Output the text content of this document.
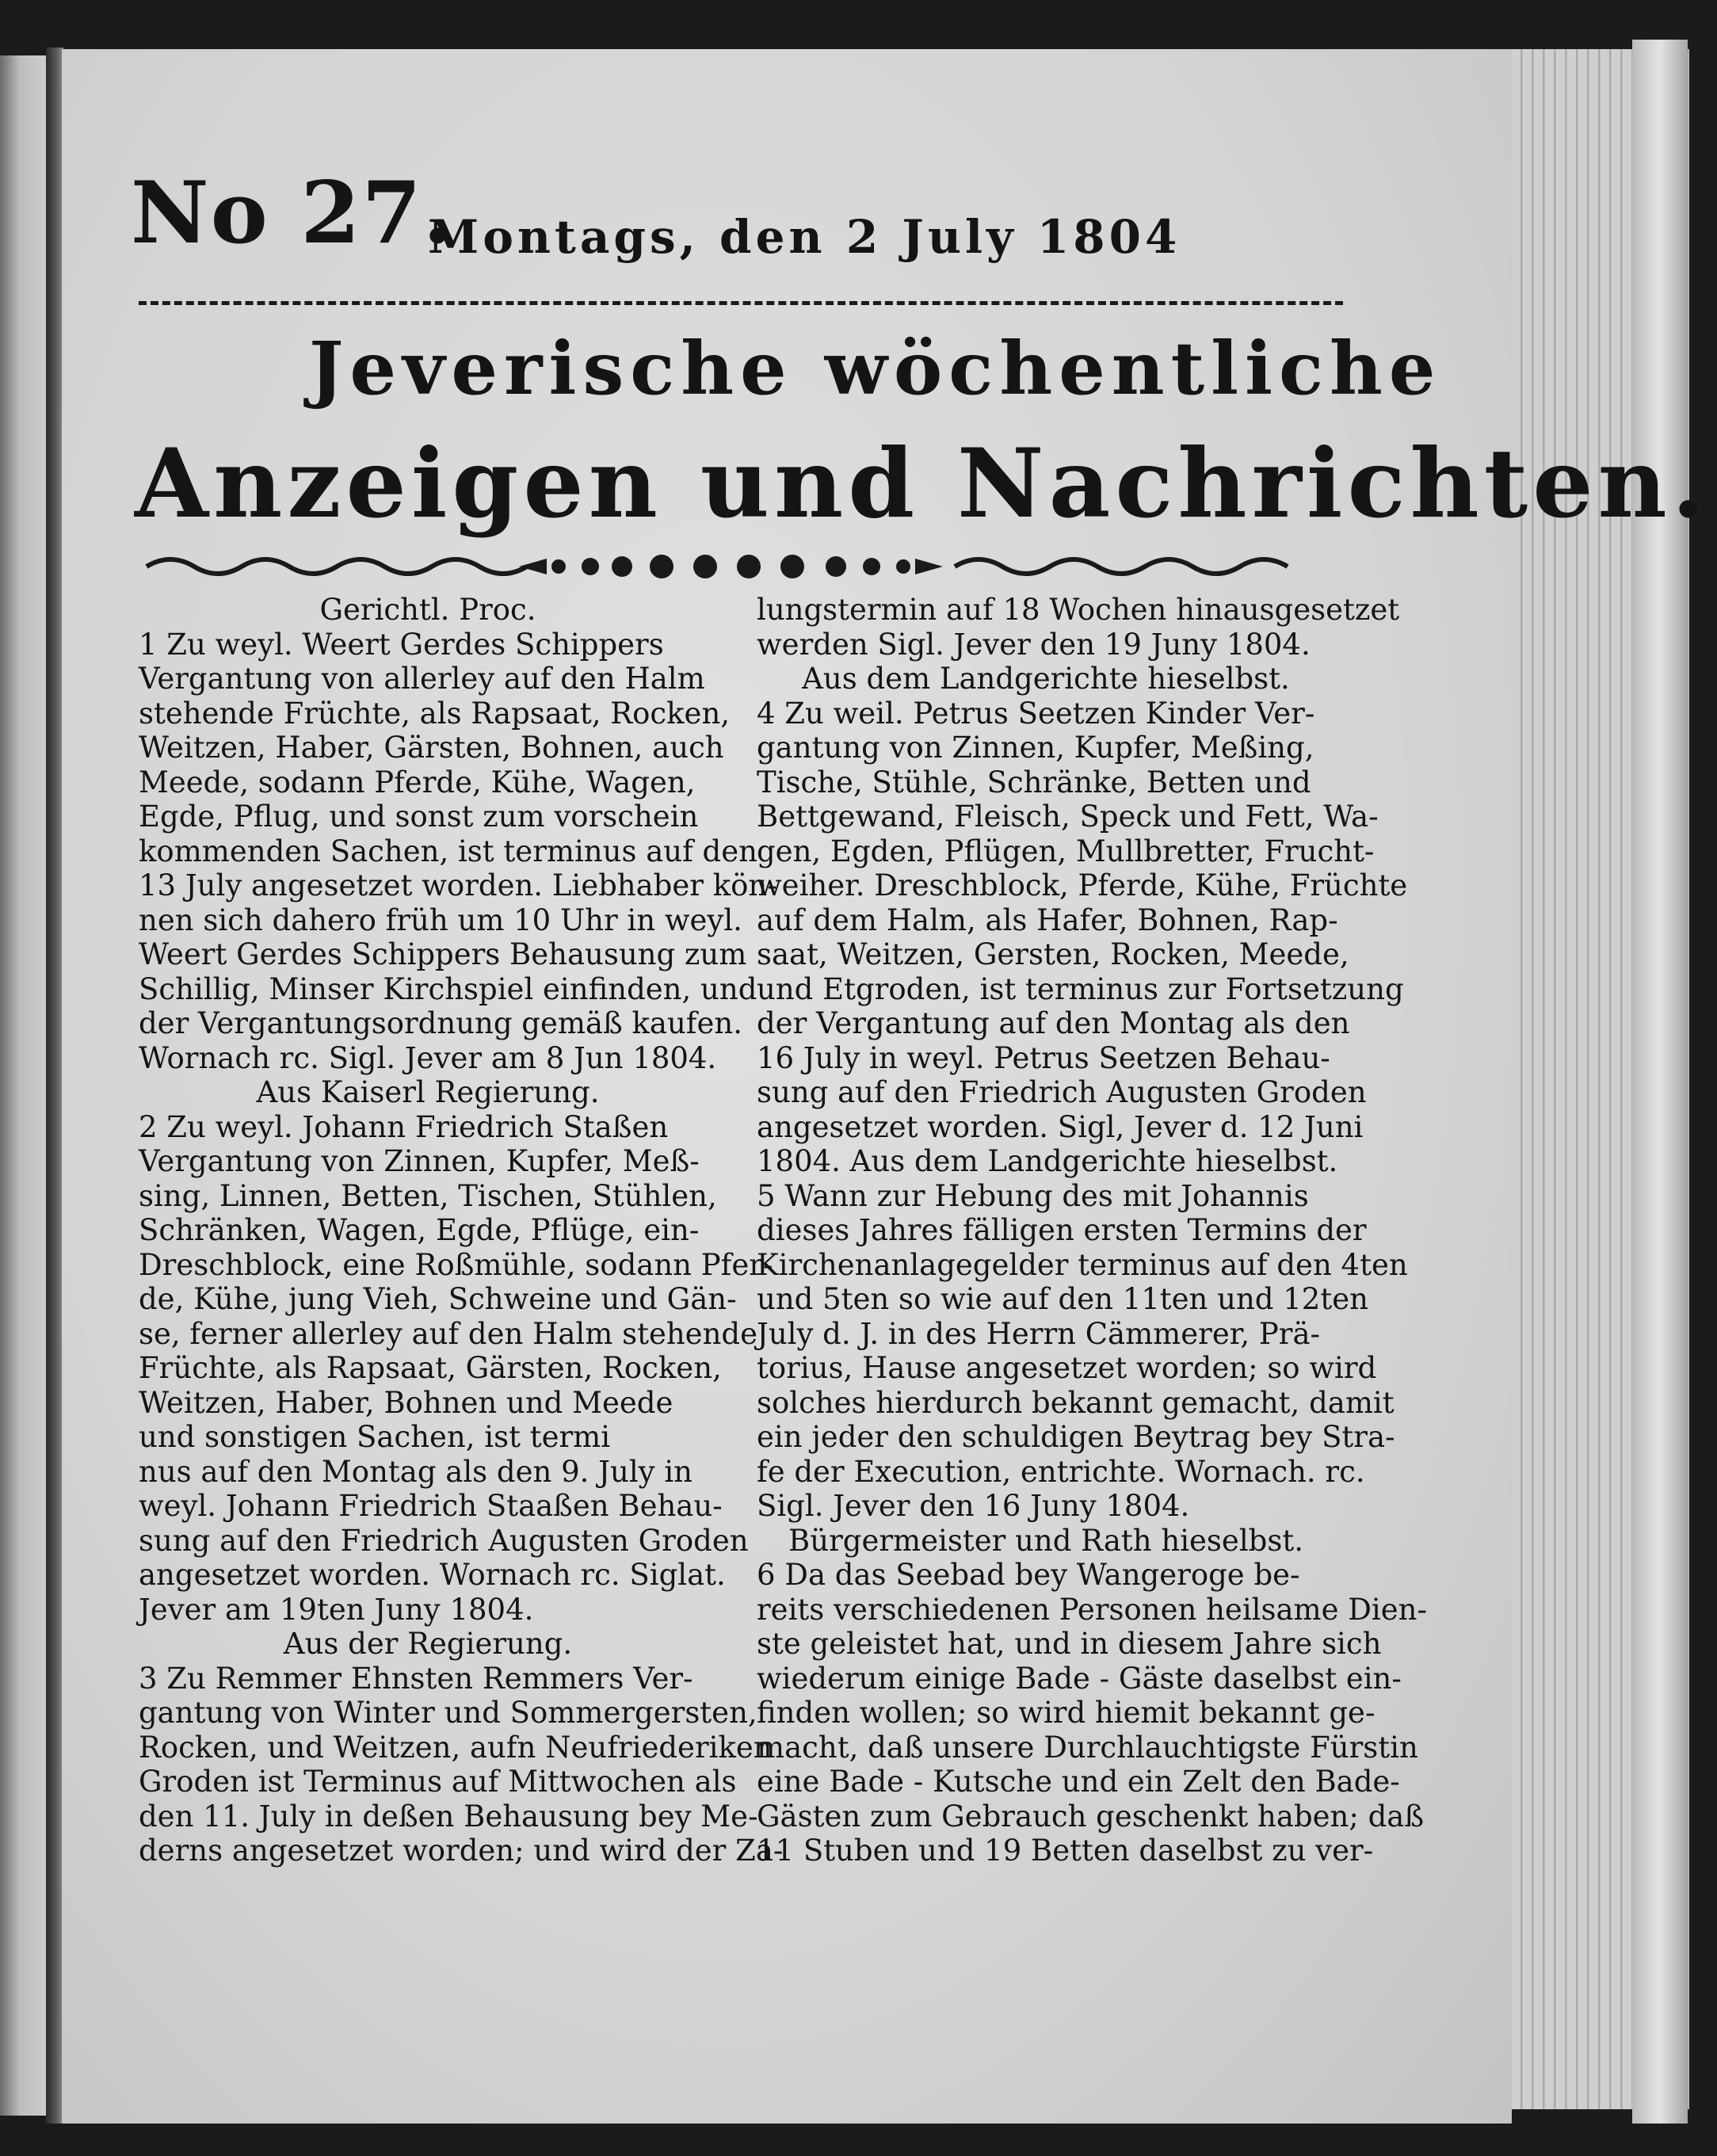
No 27.
Montags, den 2 July 1804
Jeverische wöchentliche
Anzeigen und Nachrichten.

Gerichtl. Proc.

1 Zu weyl. Weert Gerdes Schippers

Vergantung von allerley auf den Halm

stehende Früchte, als Rapsaat, Rocken,

Weitzen, Haber, Gärsten, Bohnen, auch

Meede, sodann Pferde, Kühe, Wagen,

Egde, Pflug, und sonst zum vorschein

kommenden Sachen, ist terminus auf den

13 July angesetzet worden. Liebhaber kön-

nen sich dahero früh um 10 Uhr in weyl.

Weert Gerdes Schippers Behausung zum

Schillig, Minser Kirchspiel einfinden, und

der Vergantungsordnung gemäß kaufen.

Wornach rc. Sigl. Jever am 8 Jun 1804.

Aus Kaiserl Regierung.

2 Zu weyl. Johann Friedrich Staßen

Vergantung von Zinnen, Kupfer, Meß-

sing, Linnen, Betten, Tischen, Stühlen,

Schränken, Wagen, Egde, Pflüge, ein-

Dreschblock, eine Roßmühle, sodann Pfer-

de, Kühe, jung Vieh, Schweine und Gän-

se, ferner allerley auf den Halm stehende

Früchte, als Rapsaat, Gärsten, Rocken,

Weitzen, Haber, Bohnen und Meede

und sonstigen Sachen, ist termi

nus auf den Montag als den 9. July in

weyl. Johann Friedrich Staaßen Behau-

sung auf den Friedrich Augusten Groden

angesetzet worden. Wornach rc. Siglat.

Jever am 19ten Juny 1804.

Aus der Regierung.

3 Zu Remmer Ehnsten Remmers Ver-

gantung von Winter und Sommergersten,

Rocken, und Weitzen, aufn Neufriederiken

Groden ist Terminus auf Mittwochen als

den 11. July in deßen Behausung bey Me-

derns angesetzet worden; und wird der Za-

lungstermin auf 18 Wochen hinausgesetzet

werden Sigl. Jever den 19 Juny 1804.

Aus dem Landgerichte hieselbst.

4 Zu weil. Petrus Seetzen Kinder Ver-

gantung von Zinnen, Kupfer, Meßing,

Tische, Stühle, Schränke, Betten und

Bettgewand, Fleisch, Speck und Fett, Wa-

gen, Egden, Pflügen, Mullbretter, Frucht-

weiher. Dreschblock, Pferde, Kühe, Früchte

auf dem Halm, als Hafer, Bohnen, Rap-

saat, Weitzen, Gersten, Rocken, Meede,

und Etgroden, ist terminus zur Fortsetzung

der Vergantung auf den Montag als den

16 July in weyl. Petrus Seetzen Behau-

sung auf den Friedrich Augusten Groden

angesetzet worden. Sigl, Jever d. 12 Juni

1804. Aus dem Landgerichte hieselbst.

5 Wann zur Hebung des mit Johannis

dieses Jahres fälligen ersten Termins der

Kirchenanlagegelder terminus auf den 4ten

und 5ten so wie auf den 11ten und 12ten

July d. J. in des Herrn Cämmerer, Prä-

torius, Hause angesetzet worden; so wird

solches hierdurch bekannt gemacht, damit

ein jeder den schuldigen Beytrag bey Stra-

fe der Execution, entrichte. Wornach. rc.

Sigl. Jever den 16 Juny 1804.

Bürgermeister und Rath hieselbst.

6 Da das Seebad bey Wangeroge be-

reits verschiedenen Personen heilsame Dien-

ste geleistet hat, und in diesem Jahre sich

wiederum einige Bade - Gäste daselbst ein-

finden wollen; so wird hiemit bekannt ge-

macht, daß unsere Durchlauchtigste Fürstin

eine Bade - Kutsche und ein Zelt den Bade-

Gästen zum Gebrauch geschenkt haben; daß

11 Stuben und 19 Betten daselbst zu ver-
